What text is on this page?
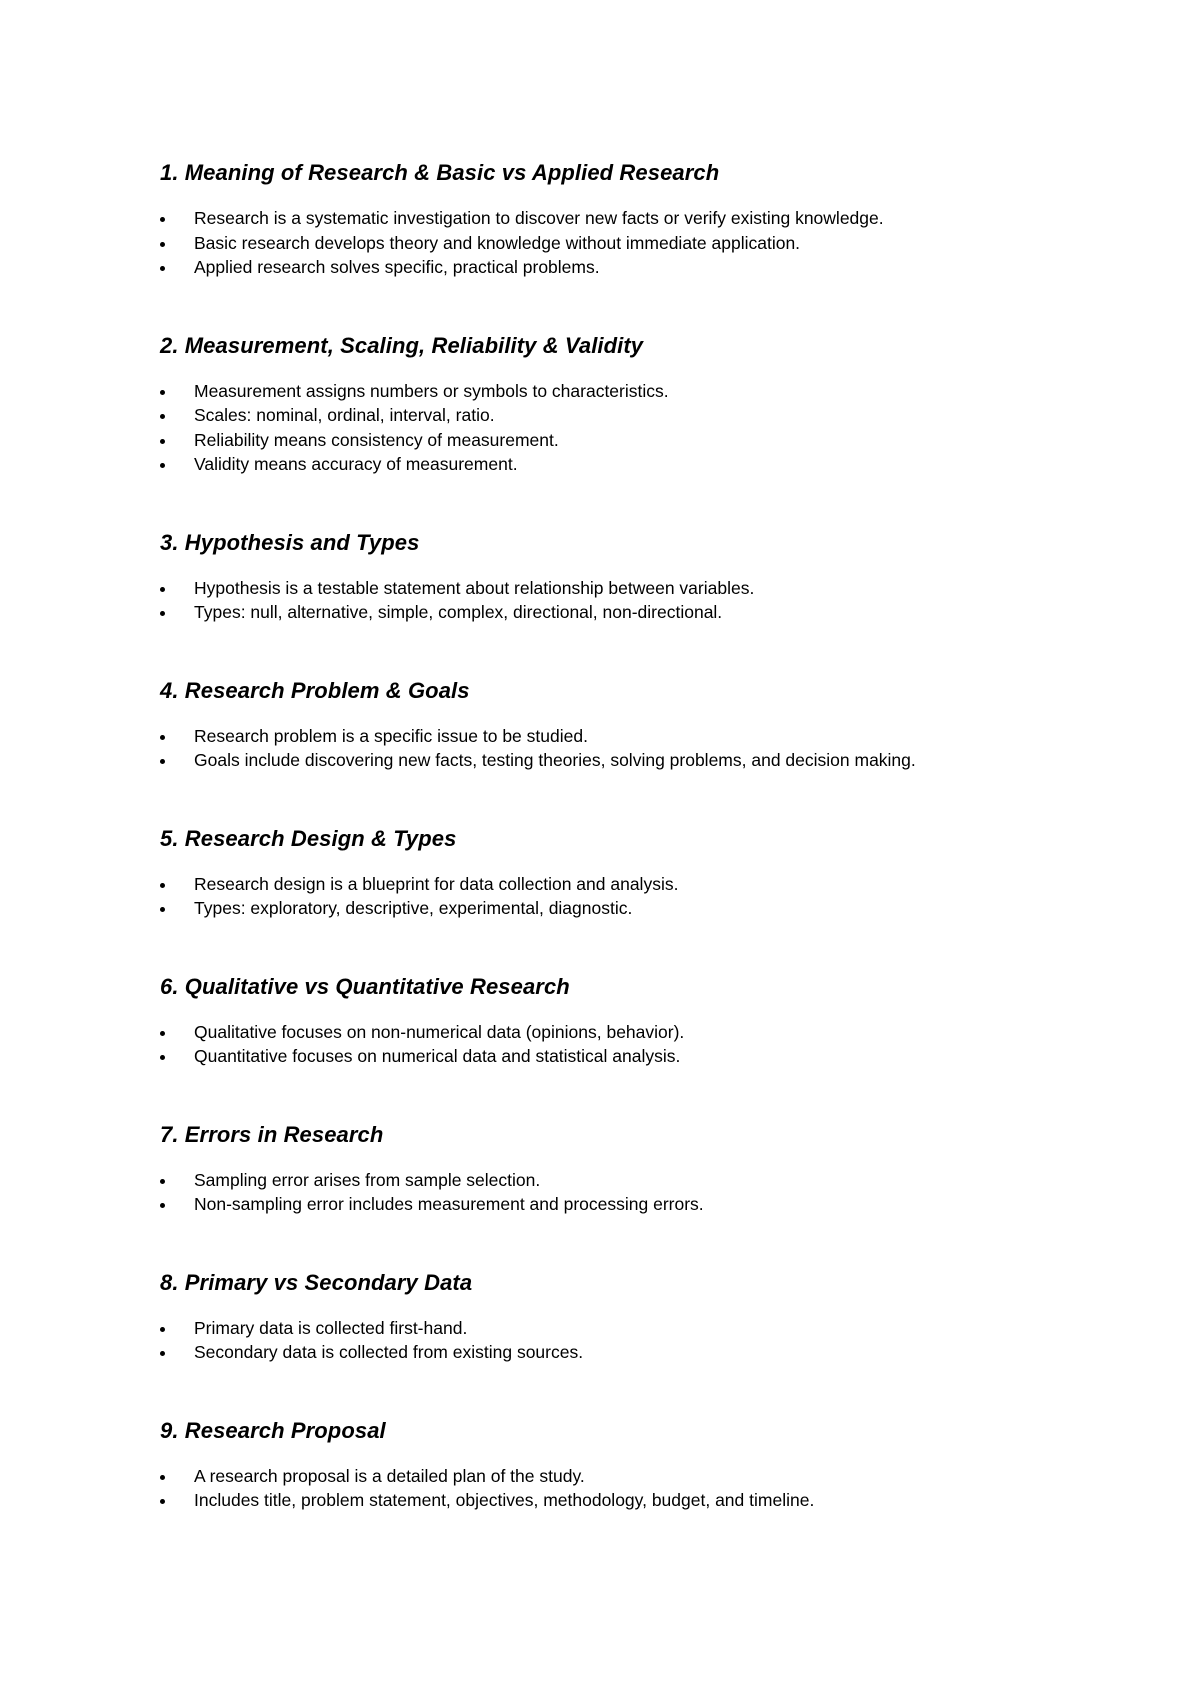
1. Meaning of Research & Basic vs Applied Research
Research is a systematic investigation to discover new facts or verify existing knowledge.
Basic research develops theory and knowledge without immediate application.
Applied research solves specific, practical problems.
2. Measurement, Scaling, Reliability & Validity
Measurement assigns numbers or symbols to characteristics.
Scales: nominal, ordinal, interval, ratio.
Reliability means consistency of measurement.
Validity means accuracy of measurement.
3. Hypothesis and Types
Hypothesis is a testable statement about relationship between variables.
Types: null, alternative, simple, complex, directional, non-directional.
4. Research Problem & Goals
Research problem is a specific issue to be studied.
Goals include discovering new facts, testing theories, solving problems, and decision making.
5. Research Design & Types
Research design is a blueprint for data collection and analysis.
Types: exploratory, descriptive, experimental, diagnostic.
6. Qualitative vs Quantitative Research
Qualitative focuses on non-numerical data (opinions, behavior).
Quantitative focuses on numerical data and statistical analysis.
7. Errors in Research
Sampling error arises from sample selection.
Non-sampling error includes measurement and processing errors.
8. Primary vs Secondary Data
Primary data is collected first-hand.
Secondary data is collected from existing sources.
9. Research Proposal
A research proposal is a detailed plan of the study.
Includes title, problem statement, objectives, methodology, budget, and timeline.
